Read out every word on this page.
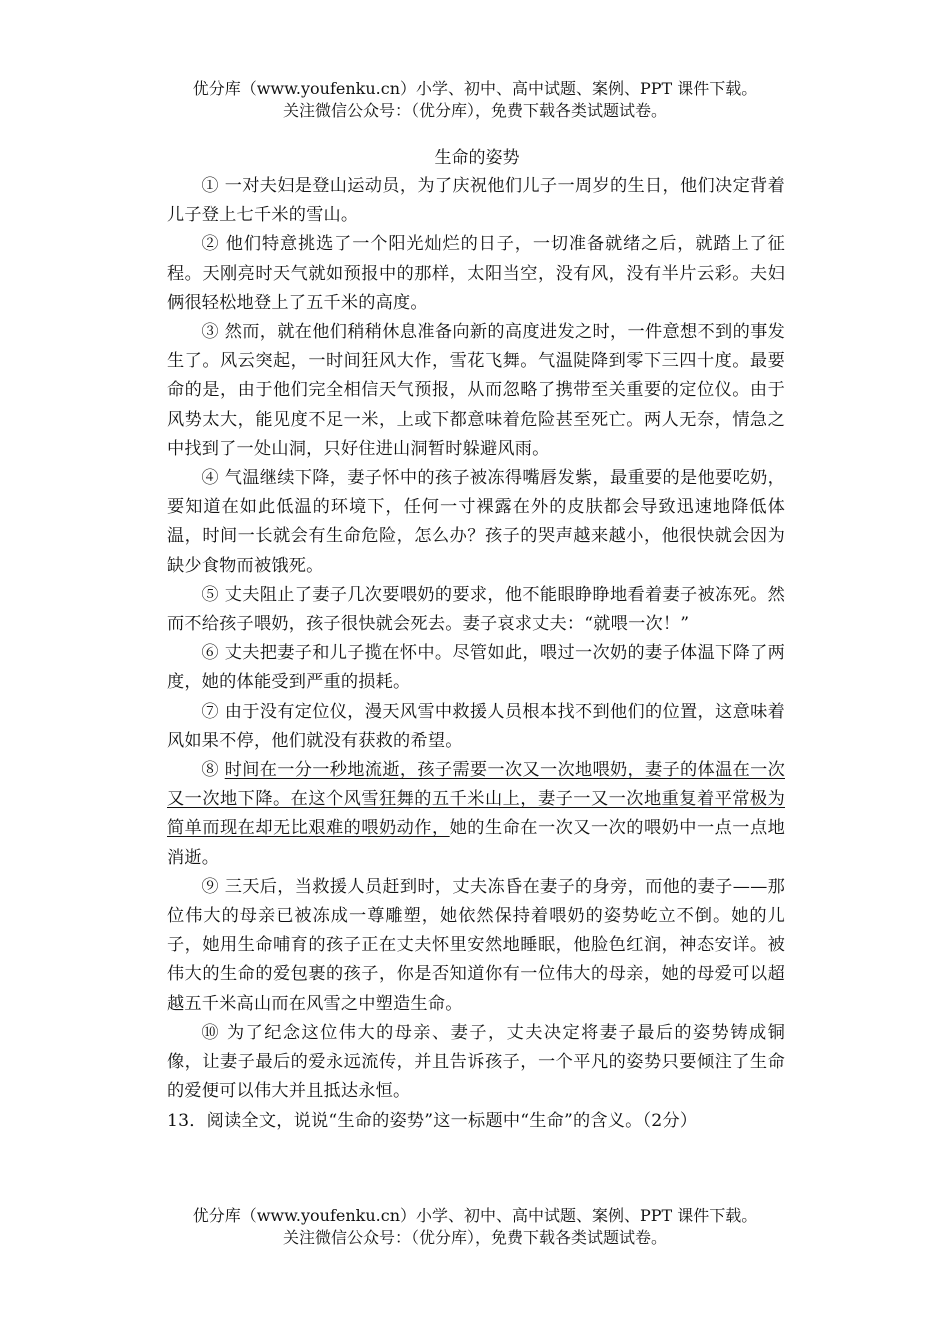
优分库（www.youfenku.cn）小学、初中、高中试题、案例、PPT 课件下载。
关注微信公众号：（优分库），免费下载各类试题试卷。
生命的姿势

① 一对夫妇是登山运动员，为了庆祝他们儿子一周岁的生日，他们决定背着儿子登上七千米的雪山。

② 他们特意挑选了一个阳光灿烂的日子，一切准备就绪之后，就踏上了征程。天刚亮时天气就如预报中的那样，太阳当空，没有风，没有半片云彩。夫妇俩很轻松地登上了五千米的高度。

③ 然而，就在他们稍稍休息准备向新的高度进发之时，一件意想不到的事发生了。风云突起，一时间狂风大作，雪花飞舞。气温陡降到零下三四十度。最要命的是，由于他们完全相信天气预报，从而忽略了携带至关重要的定位仪。由于风势太大，能见度不足一米，上或下都意味着危险甚至死亡。两人无奈，情急之中找到了一处山洞，只好住进山洞暂时躲避风雨。

④ 气温继续下降，妻子怀中的孩子被冻得嘴唇发紫，最重要的是他要吃奶，要知道在如此低温的环境下，任何一寸裸露在外的皮肤都会导致迅速地降低体温，时间一长就会有生命危险，怎么办？孩子的哭声越来越小，他很快就会因为缺少食物而被饿死。

⑤ 丈夫阻止了妻子几次要喂奶的要求，他不能眼睁睁地看着妻子被冻死。然而不给孩子喂奶，孩子很快就会死去。妻子哀求丈夫：“就喂一次！”

⑥ 丈夫把妻子和儿子揽在怀中。尽管如此，喂过一次奶的妻子体温下降了两度，她的体能受到严重的损耗。

⑦ 由于没有定位仪，漫天风雪中救援人员根本找不到他们的位置，这意味着风如果不停，他们就没有获救的希望。

⑧ 时间在一分一秒地流逝，孩子需要一次又一次地喂奶，妻子的体温在一次又一次地下降。在这个风雪狂舞的五千米山上，妻子一又一次地重复着平常极为简单而现在却无比艰难的喂奶动作，她的生命在一次又一次的喂奶中一点一点地消逝。

⑨ 三天后，当救援人员赶到时，丈夫冻昏在妻子的身旁，而他的妻子——那位伟大的母亲已被冻成一尊雕塑，她依然保持着喂奶的姿势屹立不倒。她的儿子，她用生命哺育的孩子正在丈夫怀里安然地睡眠，他脸色红润，神态安详。被伟大的生命的爱包裹的孩子，你是否知道你有一位伟大的母亲，她的母爱可以超越五千米高山而在风雪之中塑造生命。

⑩ 为了纪念这位伟大的母亲、妻子，丈夫决定将妻子最后的姿势铸成铜　像，让妻子最后的爱永远流传，并且告诉孩子，一个平凡的姿势只要倾注了生命的爱便可以伟大并且抵达永恒。

13．阅读全文，说说“生命的姿势”这一标题中“生命”的含义。（2分）

优分库（www.youfenku.cn）小学、初中、高中试题、案例、PPT 课件下载。
关注微信公众号：（优分库），免费下载各类试题试卷。
